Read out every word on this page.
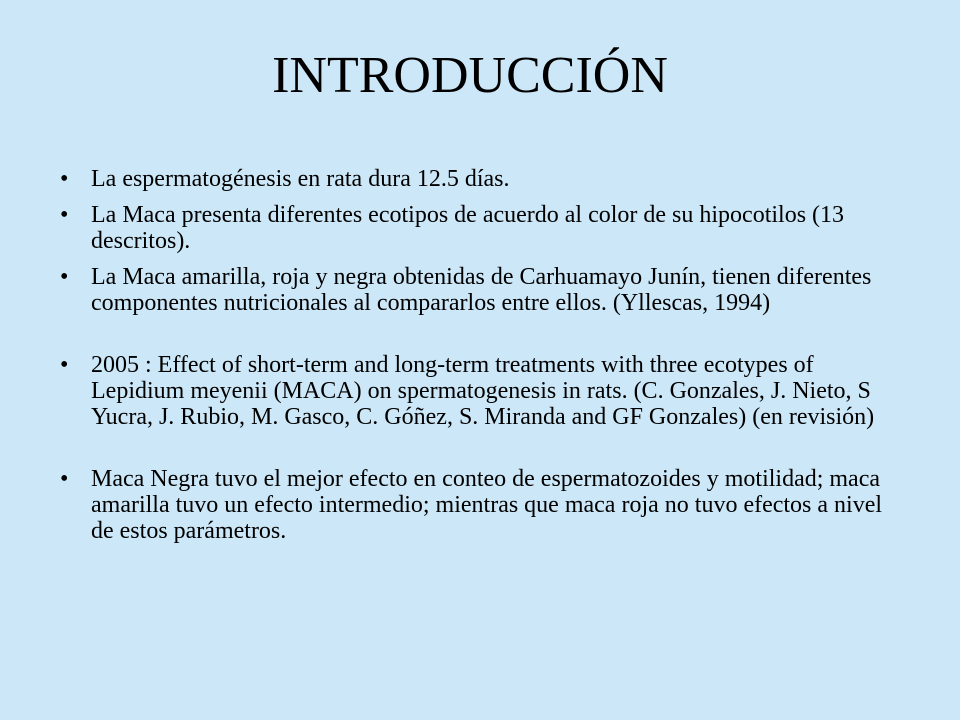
INTRODUCCIÓN
• La espermatogénesis en rata dura 12.5 días.
• La Maca presenta diferentes ecotipos de acuerdo al color de su hipocotilos (13 descritos).
• La Maca amarilla, roja y negra obtenidas de Carhuamayo Junín, tienen diferentes componentes nutricionales al compararlos entre ellos. (Yllescas, 1994)
• 2005 : Effect of short-term and long-term treatments with three ecotypes of Lepidium meyenii (MACA) on spermatogenesis in rats. (C. Gonzales, J. Nieto, S Yucra, J. Rubio, M. Gasco, C. Góñez, S. Miranda and GF Gonzales) (en revisión)
• Maca Negra tuvo el mejor efecto en conteo de espermatozoides y motilidad; maca amarilla tuvo un efecto intermedio; mientras que maca roja no tuvo efectos a nivel de estos parámetros.
